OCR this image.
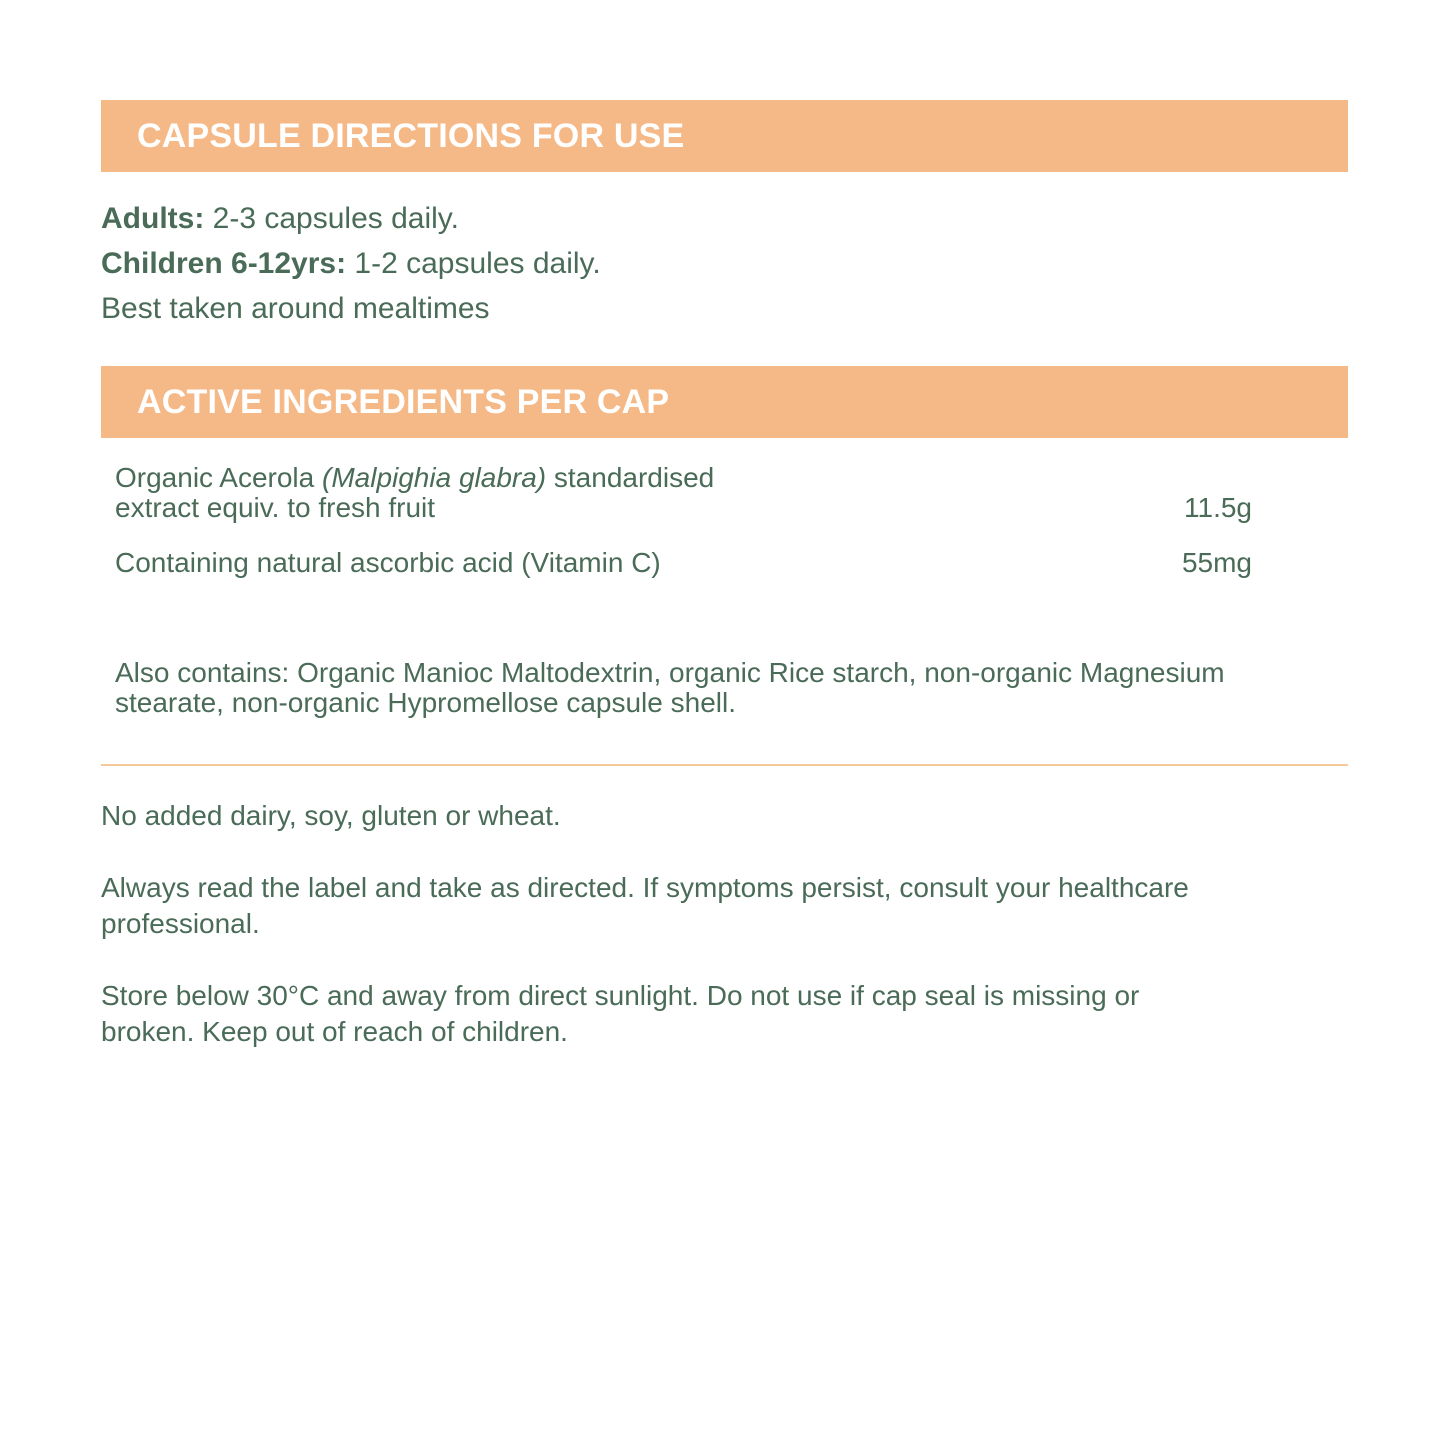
CAPSULE DIRECTIONS FOR USE
Adults: 2-3 capsules daily.
Children 6-12yrs: 1-2 capsules daily.
Best taken around mealtimes
ACTIVE INGREDIENTS PER CAP
Organic Acerola (Malpighia glabra) standardised
extract equiv. to fresh fruit	11.5g
Containing natural ascorbic acid (Vitamin C)	55mg
Also contains: Organic Manioc Maltodextrin, organic Rice starch, non-organic Magnesium stearate, non-organic Hypromellose capsule shell.
No added dairy, soy, gluten or wheat.
Always read the label and take as directed. If symptoms persist, consult your healthcare professional.
Store below 30°C and away from direct sunlight. Do not use if cap seal is missing or broken. Keep out of reach of children.
